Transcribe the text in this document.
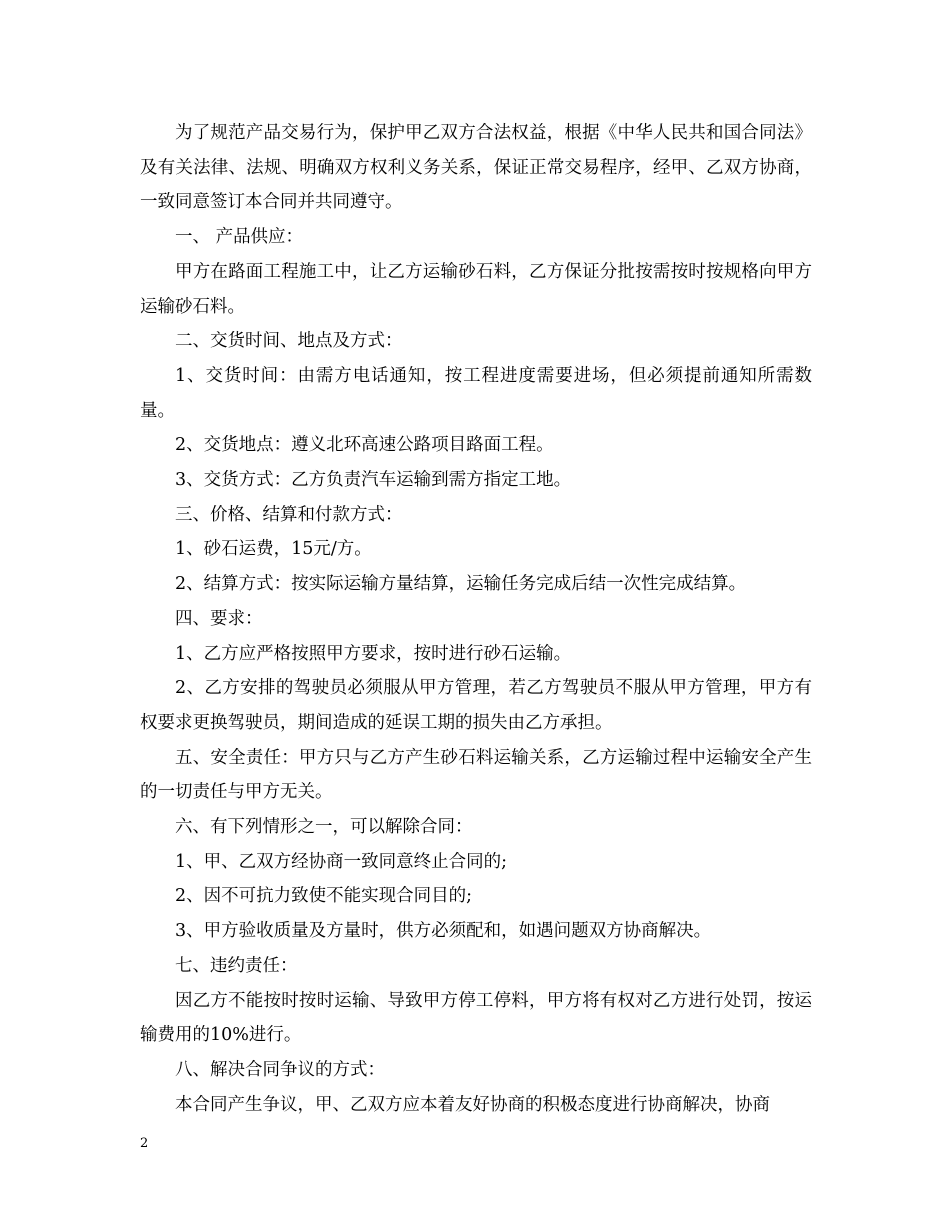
为了规范产品交易行为，保护甲乙双方合法权益，根据《中华人民共和国合同法》及有关法律、法规、明确双方权利义务关系，保证正常交易程序，经甲、乙双方协商，一致同意签订本合同并共同遵守。

一、 产品供应：

甲方在路面工程施工中，让乙方运输砂石料，乙方保证分批按需按时按规格向甲方运输砂石料。

二、交货时间、地点及方式：

1、交货时间：由需方电话通知，按工程进度需要进场，但必须提前通知所需数量。

2、交货地点：遵义北环高速公路项目路面工程。

3、交货方式：乙方负责汽车运输到需方指定工地。

三、价格、结算和付款方式：

1、砂石运费，15元/方。

2、结算方式：按实际运输方量结算，运输任务完成后结一次性完成结算。

四、要求：

1、乙方应严格按照甲方要求，按时进行砂石运输。

2、乙方安排的驾驶员必须服从甲方管理，若乙方驾驶员不服从甲方管理，甲方有权要求更换驾驶员，期间造成的延误工期的损失由乙方承担。

五、安全责任：甲方只与乙方产生砂石料运输关系，乙方运输过程中运输安全产生的一切责任与甲方无关。

六、有下列情形之一，可以解除合同：

1、甲、乙双方经协商一致同意终止合同的;

2、因不可抗力致使不能实现合同目的;

3、甲方验收质量及方量时，供方必须配和，如遇问题双方协商解决。

七、违约责任：

因乙方不能按时按时运输、导致甲方停工停料，甲方将有权对乙方进行处罚，按运输费用的10%进行。

八、解决合同争议的方式：

本合同产生争议，甲、乙双方应本着友好协商的积极态度进行协商解决，协商

2
